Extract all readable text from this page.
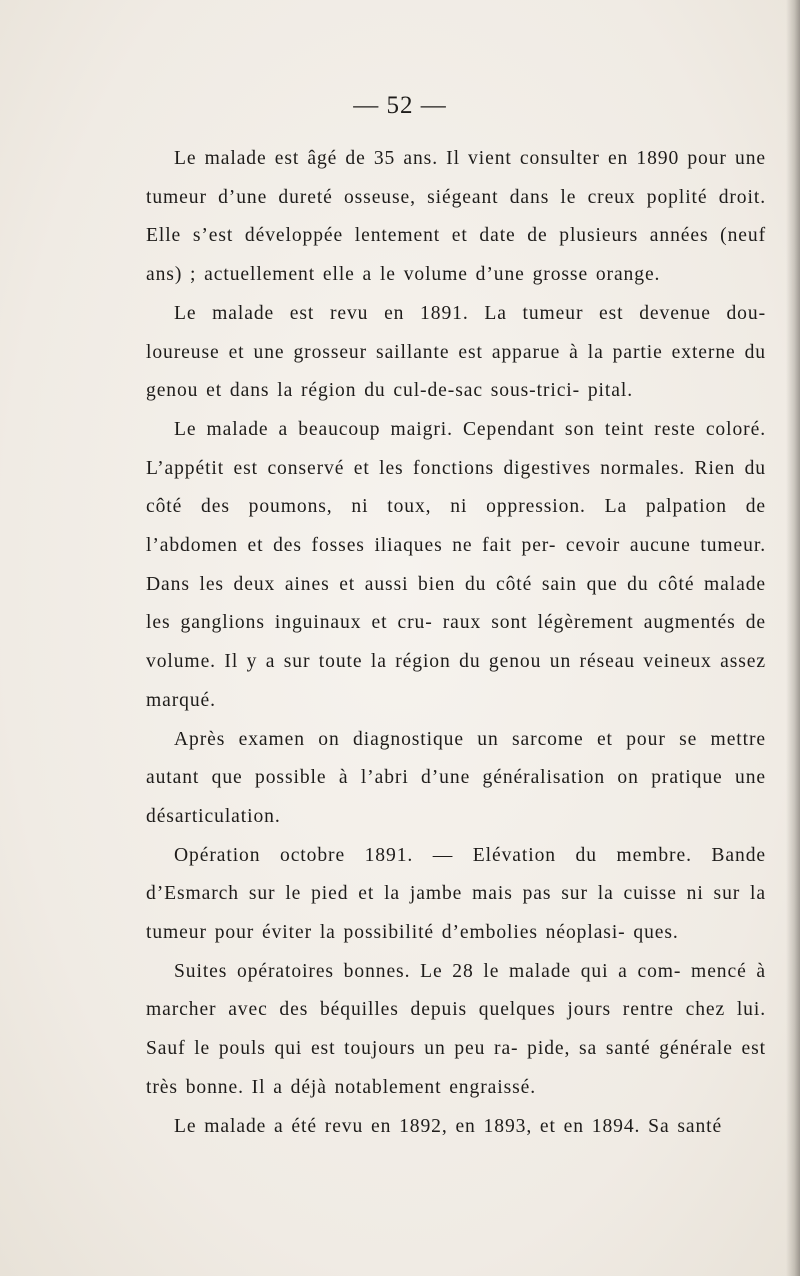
— 52 —

Le malade est âgé de 35 ans. Il vient consulter en 1890 pour une tumeur d’une dureté osseuse, siégeant dans le creux poplité droit. Elle s’est développée lentement et date de plusieurs années (neuf ans) ; actuellement elle a le volume d’une grosse orange.

Le malade est revu en 1891. La tumeur est devenue dou- loureuse et une grosseur saillante est apparue à la partie externe du genou et dans la région du cul-de-sac sous-trici- pital.

Le malade a beaucoup maigri. Cependant son teint reste coloré. L’appétit est conservé et les fonctions digestives normales. Rien du côté des poumons, ni toux, ni oppression. La palpation de l’abdomen et des fosses iliaques ne fait per- cevoir aucune tumeur. Dans les deux aines et aussi bien du côté sain que du côté malade les ganglions inguinaux et cru- raux sont légèrement augmentés de volume. Il y a sur toute la région du genou un réseau veineux assez marqué.

Après examen on diagnostique un sarcome et pour se mettre autant que possible à l’abri d’une généralisation on pratique une désarticulation.

Opération octobre 1891. — Elévation du membre. Bande d’Esmarch sur le pied et la jambe mais pas sur la cuisse ni sur la tumeur pour éviter la possibilité d’embolies néoplasi- ques.

Suites opératoires bonnes. Le 28 le malade qui a com- mencé à marcher avec des béquilles depuis quelques jours rentre chez lui. Sauf le pouls qui est toujours un peu ra- pide, sa santé générale est très bonne. Il a déjà notablement engraissé.

Le malade a été revu en 1892, en 1893, et en 1894. Sa santé
